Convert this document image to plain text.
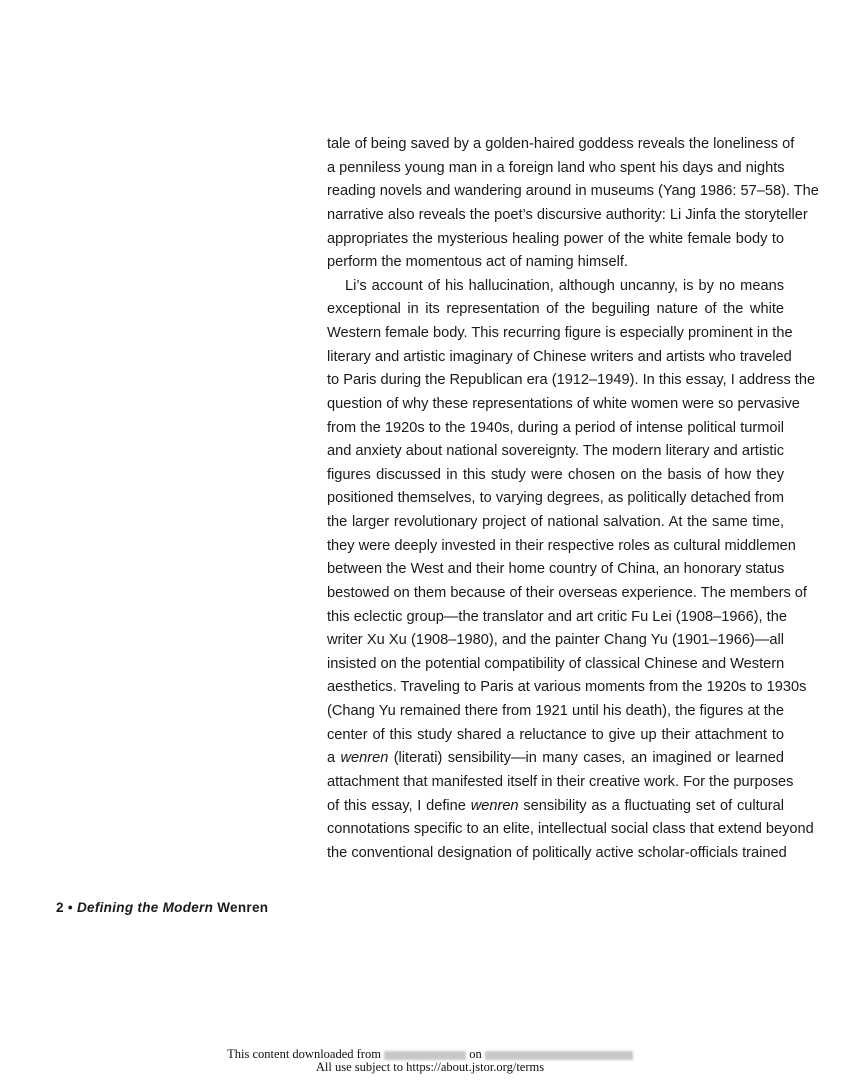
tale of being saved by a golden-haired goddess reveals the loneliness of
a penniless young man in a foreign land who spent his days and nights
reading novels and wandering around in museums (Yang 1986: 57–58). The
narrative also reveals the poet’s discursive authority: Li Jinfa the storyteller
appropriates the mysterious healing power of the white female body to
perform the momentous act of naming himself.
Li’s account of his hallucination, although uncanny, is by no means
exceptional in its representation of the beguiling nature of the white
Western female body. This recurring figure is especially prominent in the
literary and artistic imaginary of Chinese writers and artists who traveled
to Paris during the Republican era (1912–1949). In this essay, I address the
question of why these representations of white women were so pervasive
from the 1920s to the 1940s, during a period of intense political turmoil
and anxiety about national sovereignty. The modern literary and artistic
figures discussed in this study were chosen on the basis of how they
positioned themselves, to varying degrees, as politically detached from
the larger revolutionary project of national salvation. At the same time,
they were deeply invested in their respective roles as cultural middlemen
between the West and their home country of China, an honorary status
bestowed on them because of their overseas experience. The members of
this eclectic group—the translator and art critic Fu Lei (1908–1966), the
writer Xu Xu (1908–1980), and the painter Chang Yu (1901–1966)—all
insisted on the potential compatibility of classical Chinese and Western
aesthetics. Traveling to Paris at various moments from the 1920s to 1930s
(Chang Yu remained there from 1921 until his death), the figures at the
center of this study shared a reluctance to give up their attachment to
a wenren (literati) sensibility—in many cases, an imagined or learned
attachment that manifested itself in their creative work. For the purposes
of this essay, I define wenren sensibility as a fluctuating set of cultural
connotations specific to an elite, intellectual social class that extend beyond
the conventional designation of politically active scholar-officials trained
2 • Defining the Modern Wenren
This content downloaded from	on
All use subject to https://about.jstor.org/terms
